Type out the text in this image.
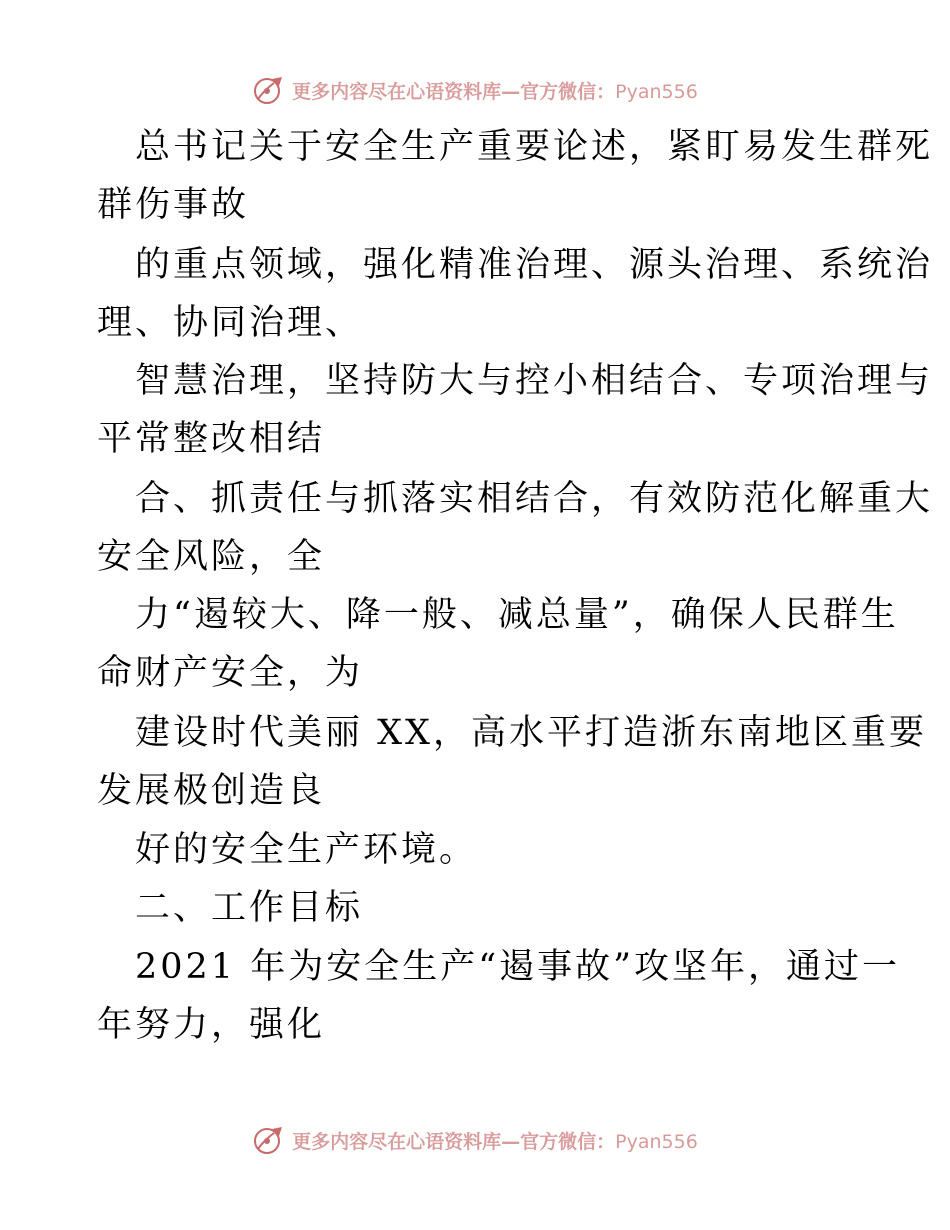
更多内容尽在心语资料库—官方微信：Pyan556
总书记关于安全生产重要论述，紧盯易发生群死
群伤事故
的重点领域，强化精准治理、源头治理、系统治
理、协同治理、
智慧治理，坚持防大与控小相结合、专项治理与
平常整改相结
合、抓责任与抓落实相结合，有效防范化解重大
安全风险，全
力“遏较大、降一般、减总量”，确保人民群生
命财产安全，为
建设时代美丽 XX，高水平打造浙东南地区重要
发展极创造良
好的安全生产环境。
二、工作目标
2021 年为安全生产“遏事故”攻坚年，通过一
年努力，强化
更多内容尽在心语资料库—官方微信：Pyan556
